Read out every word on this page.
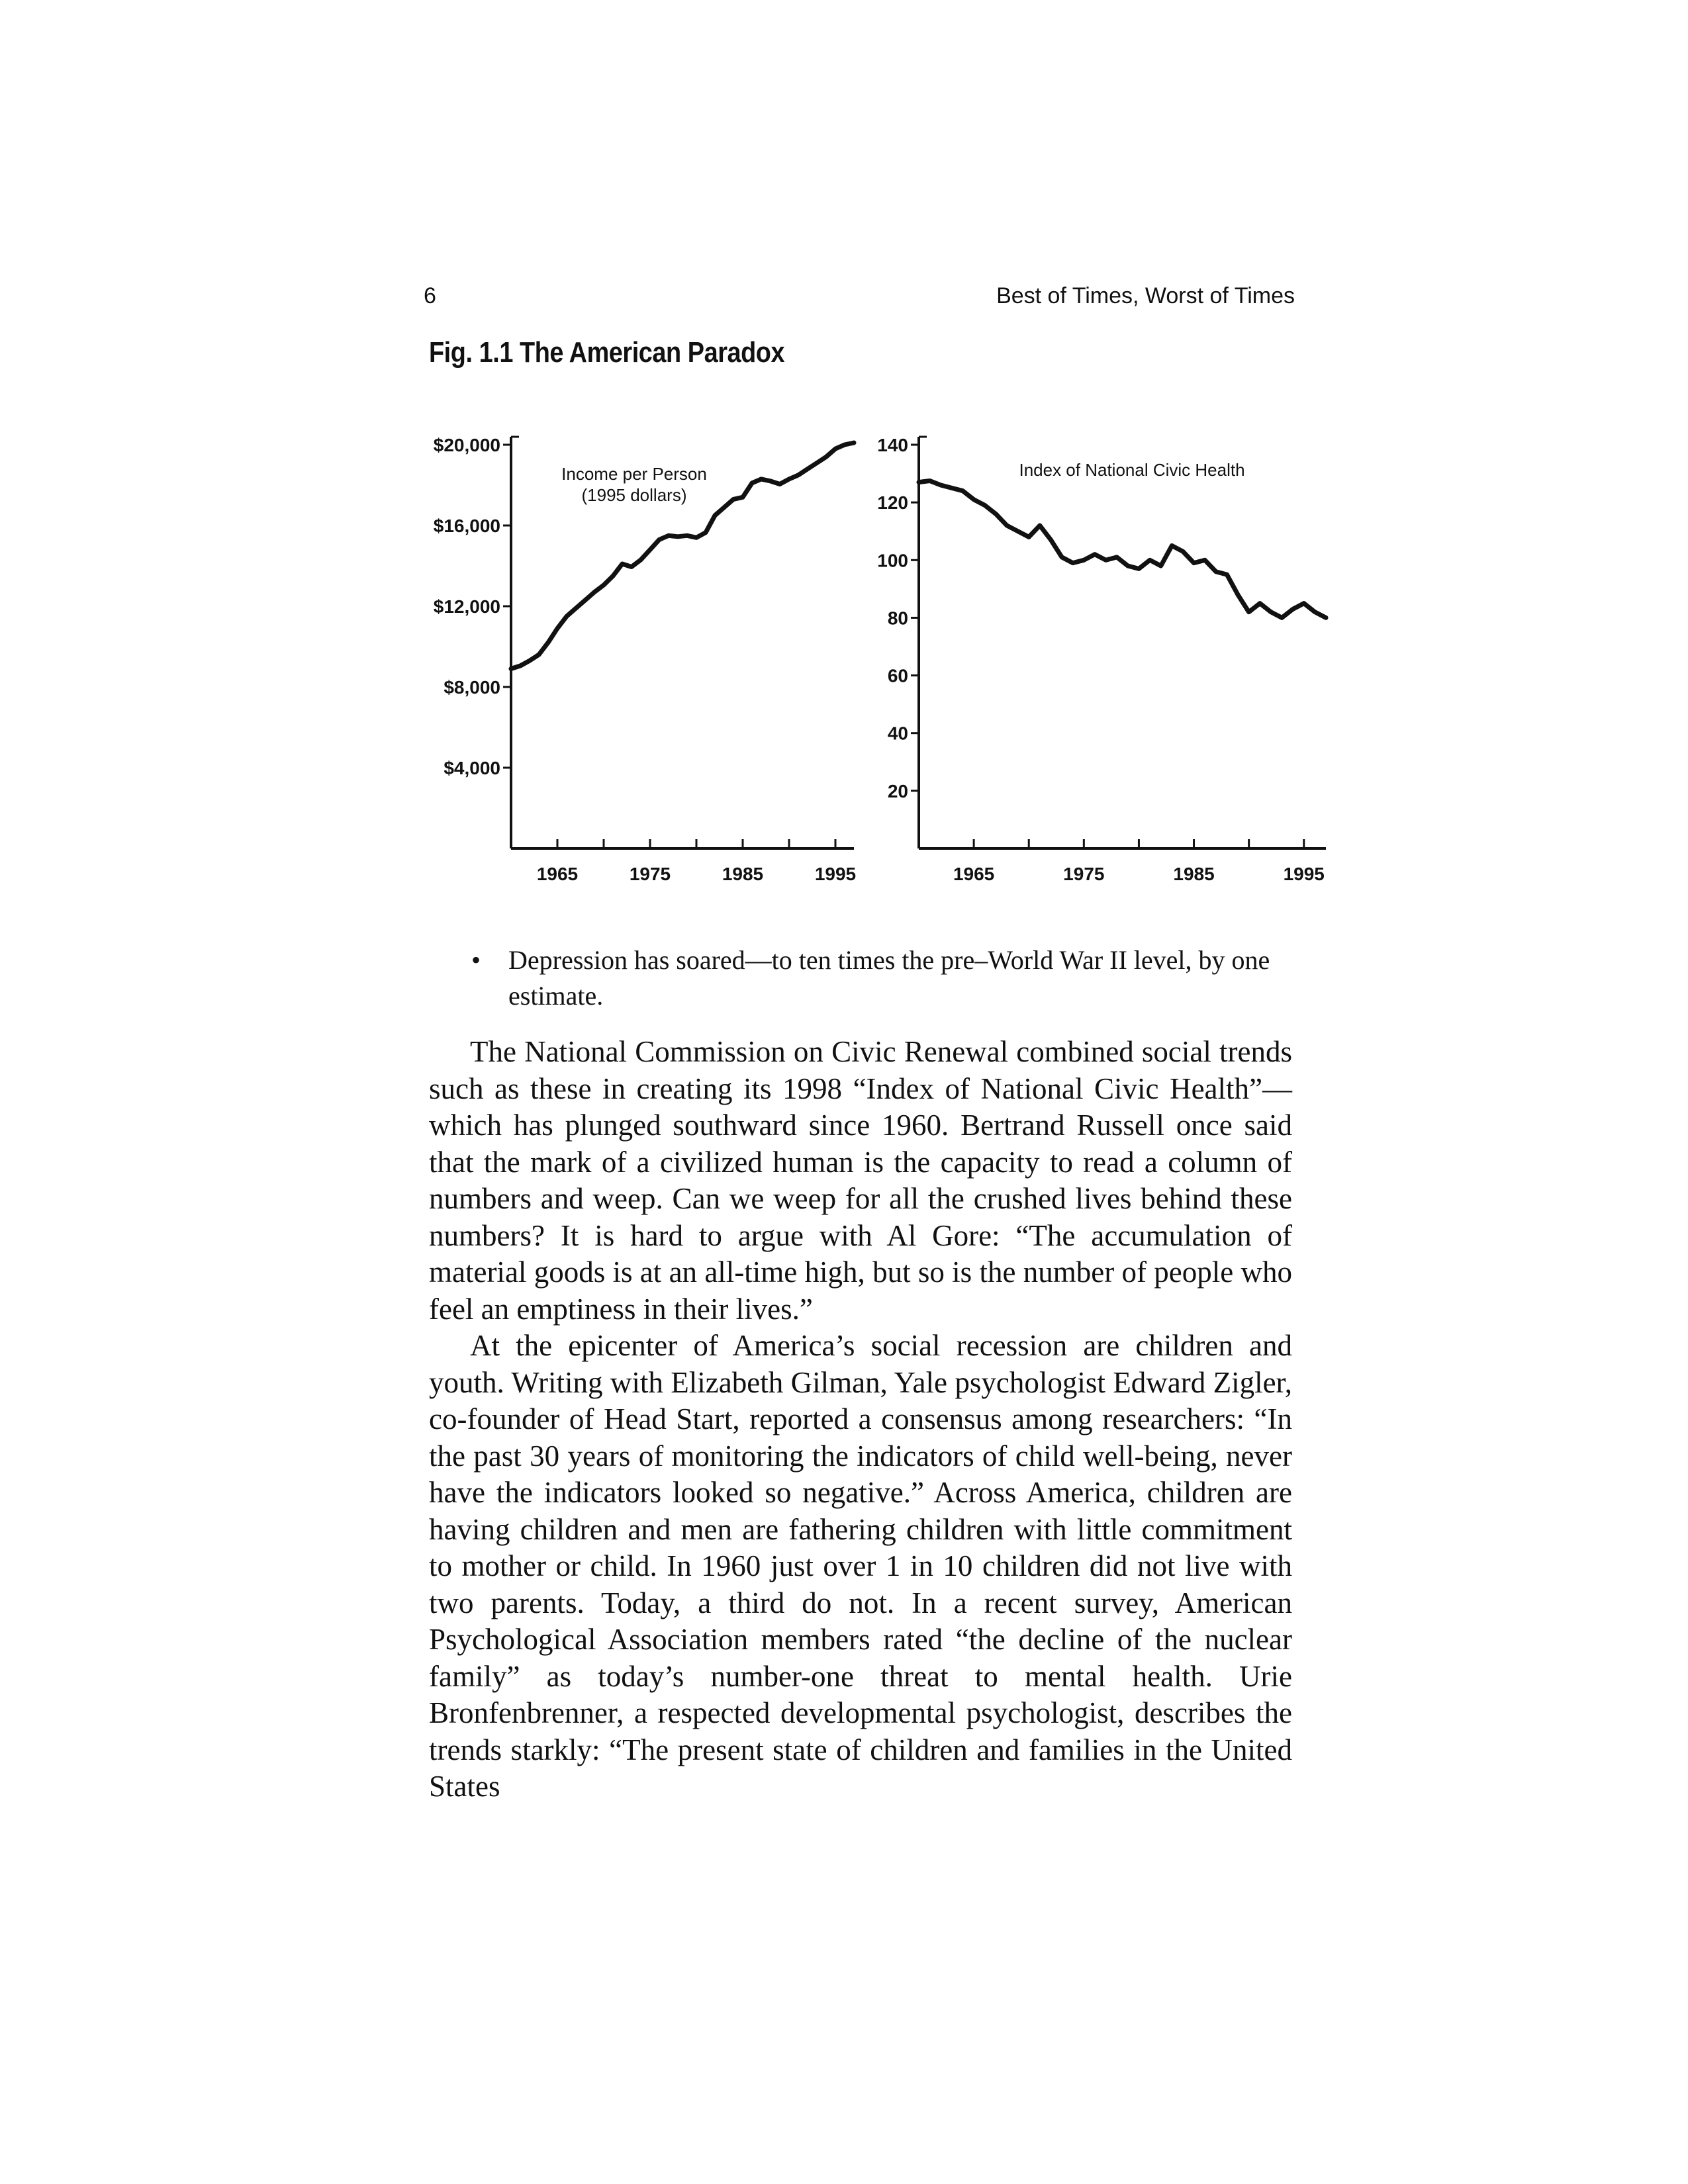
6	Best of Times, Worst of Times
Fig. 1.1 The American Paradox
$4,000
$8,000
$12,000
$16,000
$20,000
1965	1975	1985	1995
Income per Person
(1995 dollars)
20
40
60
80
100
120
140
1965	1975	1985	1995
Index of National Civic Health
•	Depression has soared—to ten times the pre–World War II level, by one estimate.

The National Commission on Civic Renewal combined social trends such as these in creating its 1998 “Index of National Civic Health”— which has plunged southward since 1960. Bertrand Russell once said that the mark of a civilized human is the capacity to read a column of numbers and weep. Can we weep for all the crushed lives behind these numbers? It is hard to argue with Al Gore: “The accumulation of material goods is at an all-time high, but so is the number of people who feel an emptiness in their lives.”

At the epicenter of America’s social recession are children and youth. Writing with Elizabeth Gilman, Yale psychologist Edward Zigler, co-founder of Head Start, reported a consensus among researchers: “In the past 30 years of monitoring the indicators of child well-being, never have the indicators looked so negative.” Across America, children are having children and men are fathering children with little commitment to mother or child. In 1960 just over 1 in 10 children did not live with two parents. Today, a third do not. In a recent survey, American Psychological Association members rated “the decline of the nuclear family” as today’s number-one threat to mental health. Urie Bronfenbrenner, a respected developmental psychologist, describes the trends starkly: “The present state of children and families in the United States
